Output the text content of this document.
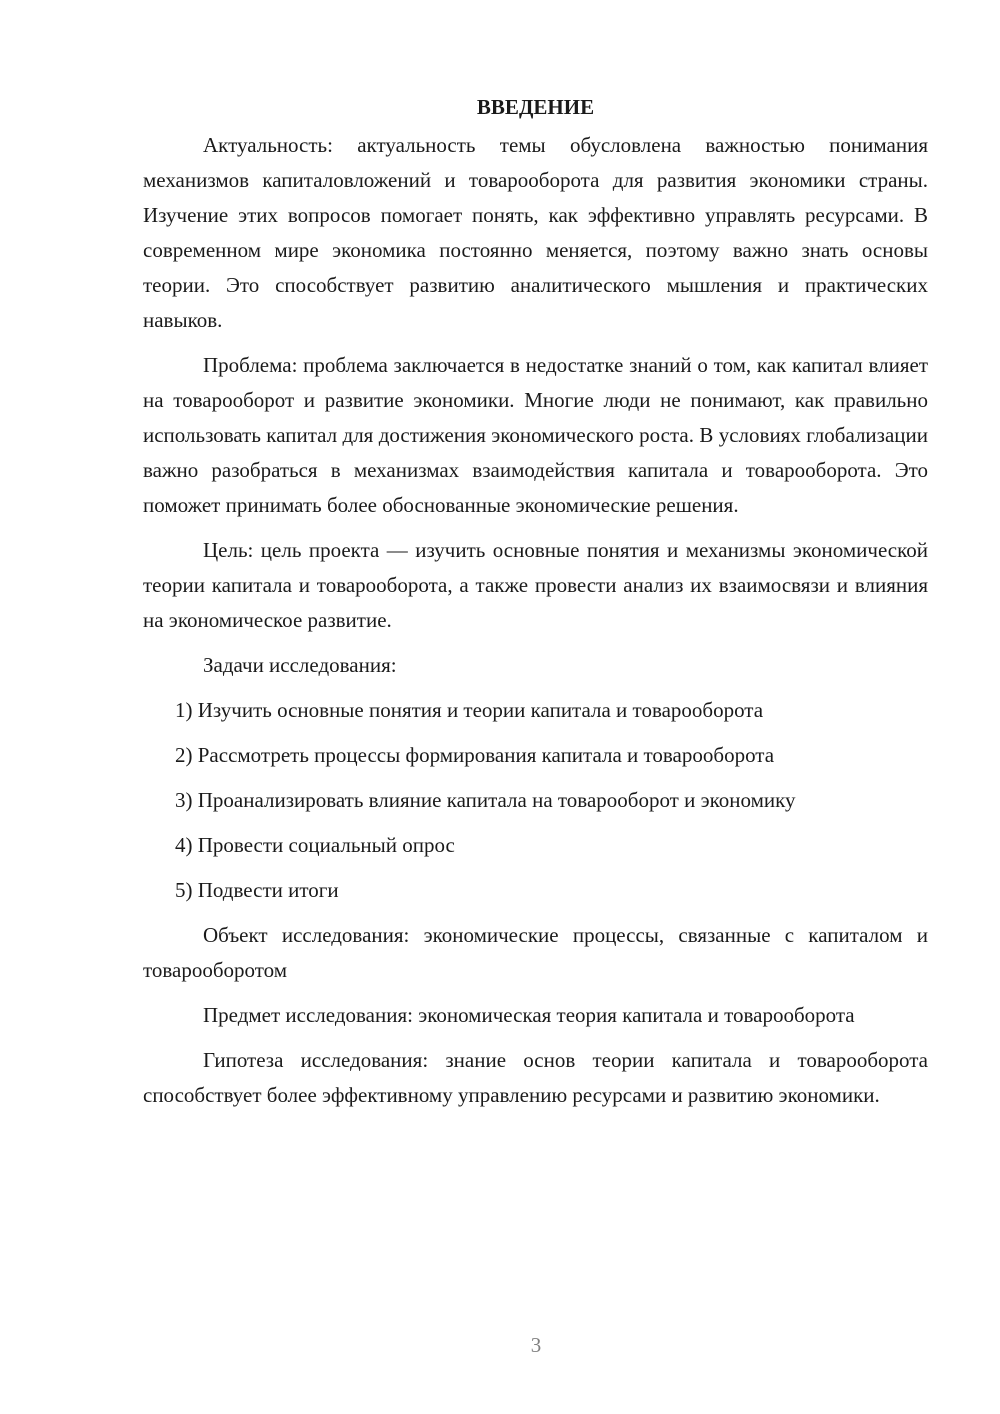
ВВЕДЕНИЕ

Актуальность: актуальность темы обусловлена важностью понимания механизмов капиталовложений и товарооборота для развития экономики страны. Изучение этих вопросов помогает понять, как эффективно управлять ресурсами. В современном мире экономика постоянно меняется, поэтому важно знать основы теории. Это способствует развитию аналитического мышления и практических навыков.

Проблема: проблема заключается в недостатке знаний о том, как капитал влияет на товарооборот и развитие экономики. Многие люди не понимают, как правильно использовать капитал для достижения экономического роста. В условиях глобализации важно разобраться в механизмах взаимодействия капитала и товарооборота. Это поможет принимать более обоснованные экономические решения.

Цель: цель проекта — изучить основные понятия и механизмы экономической теории капитала и товарооборота, а также провести анализ их взаимосвязи и влияния на экономическое развитие.

Задачи исследования:
1) Изучить основные понятия и теории капитала и товарооборота
2) Рассмотреть процессы формирования капитала и товарооборота
3) Проанализировать влияние капитала на товарооборот и экономику
4) Провести социальный опрос
5) Подвести итоги

Объект исследования: экономические процессы, связанные с капиталом и товарооборотом

Предмет исследования: экономическая теория капитала и товарооборота

Гипотеза исследования: знание основ теории капитала и товарооборота способствует более эффективному управлению ресурсами и развитию экономики.

3
